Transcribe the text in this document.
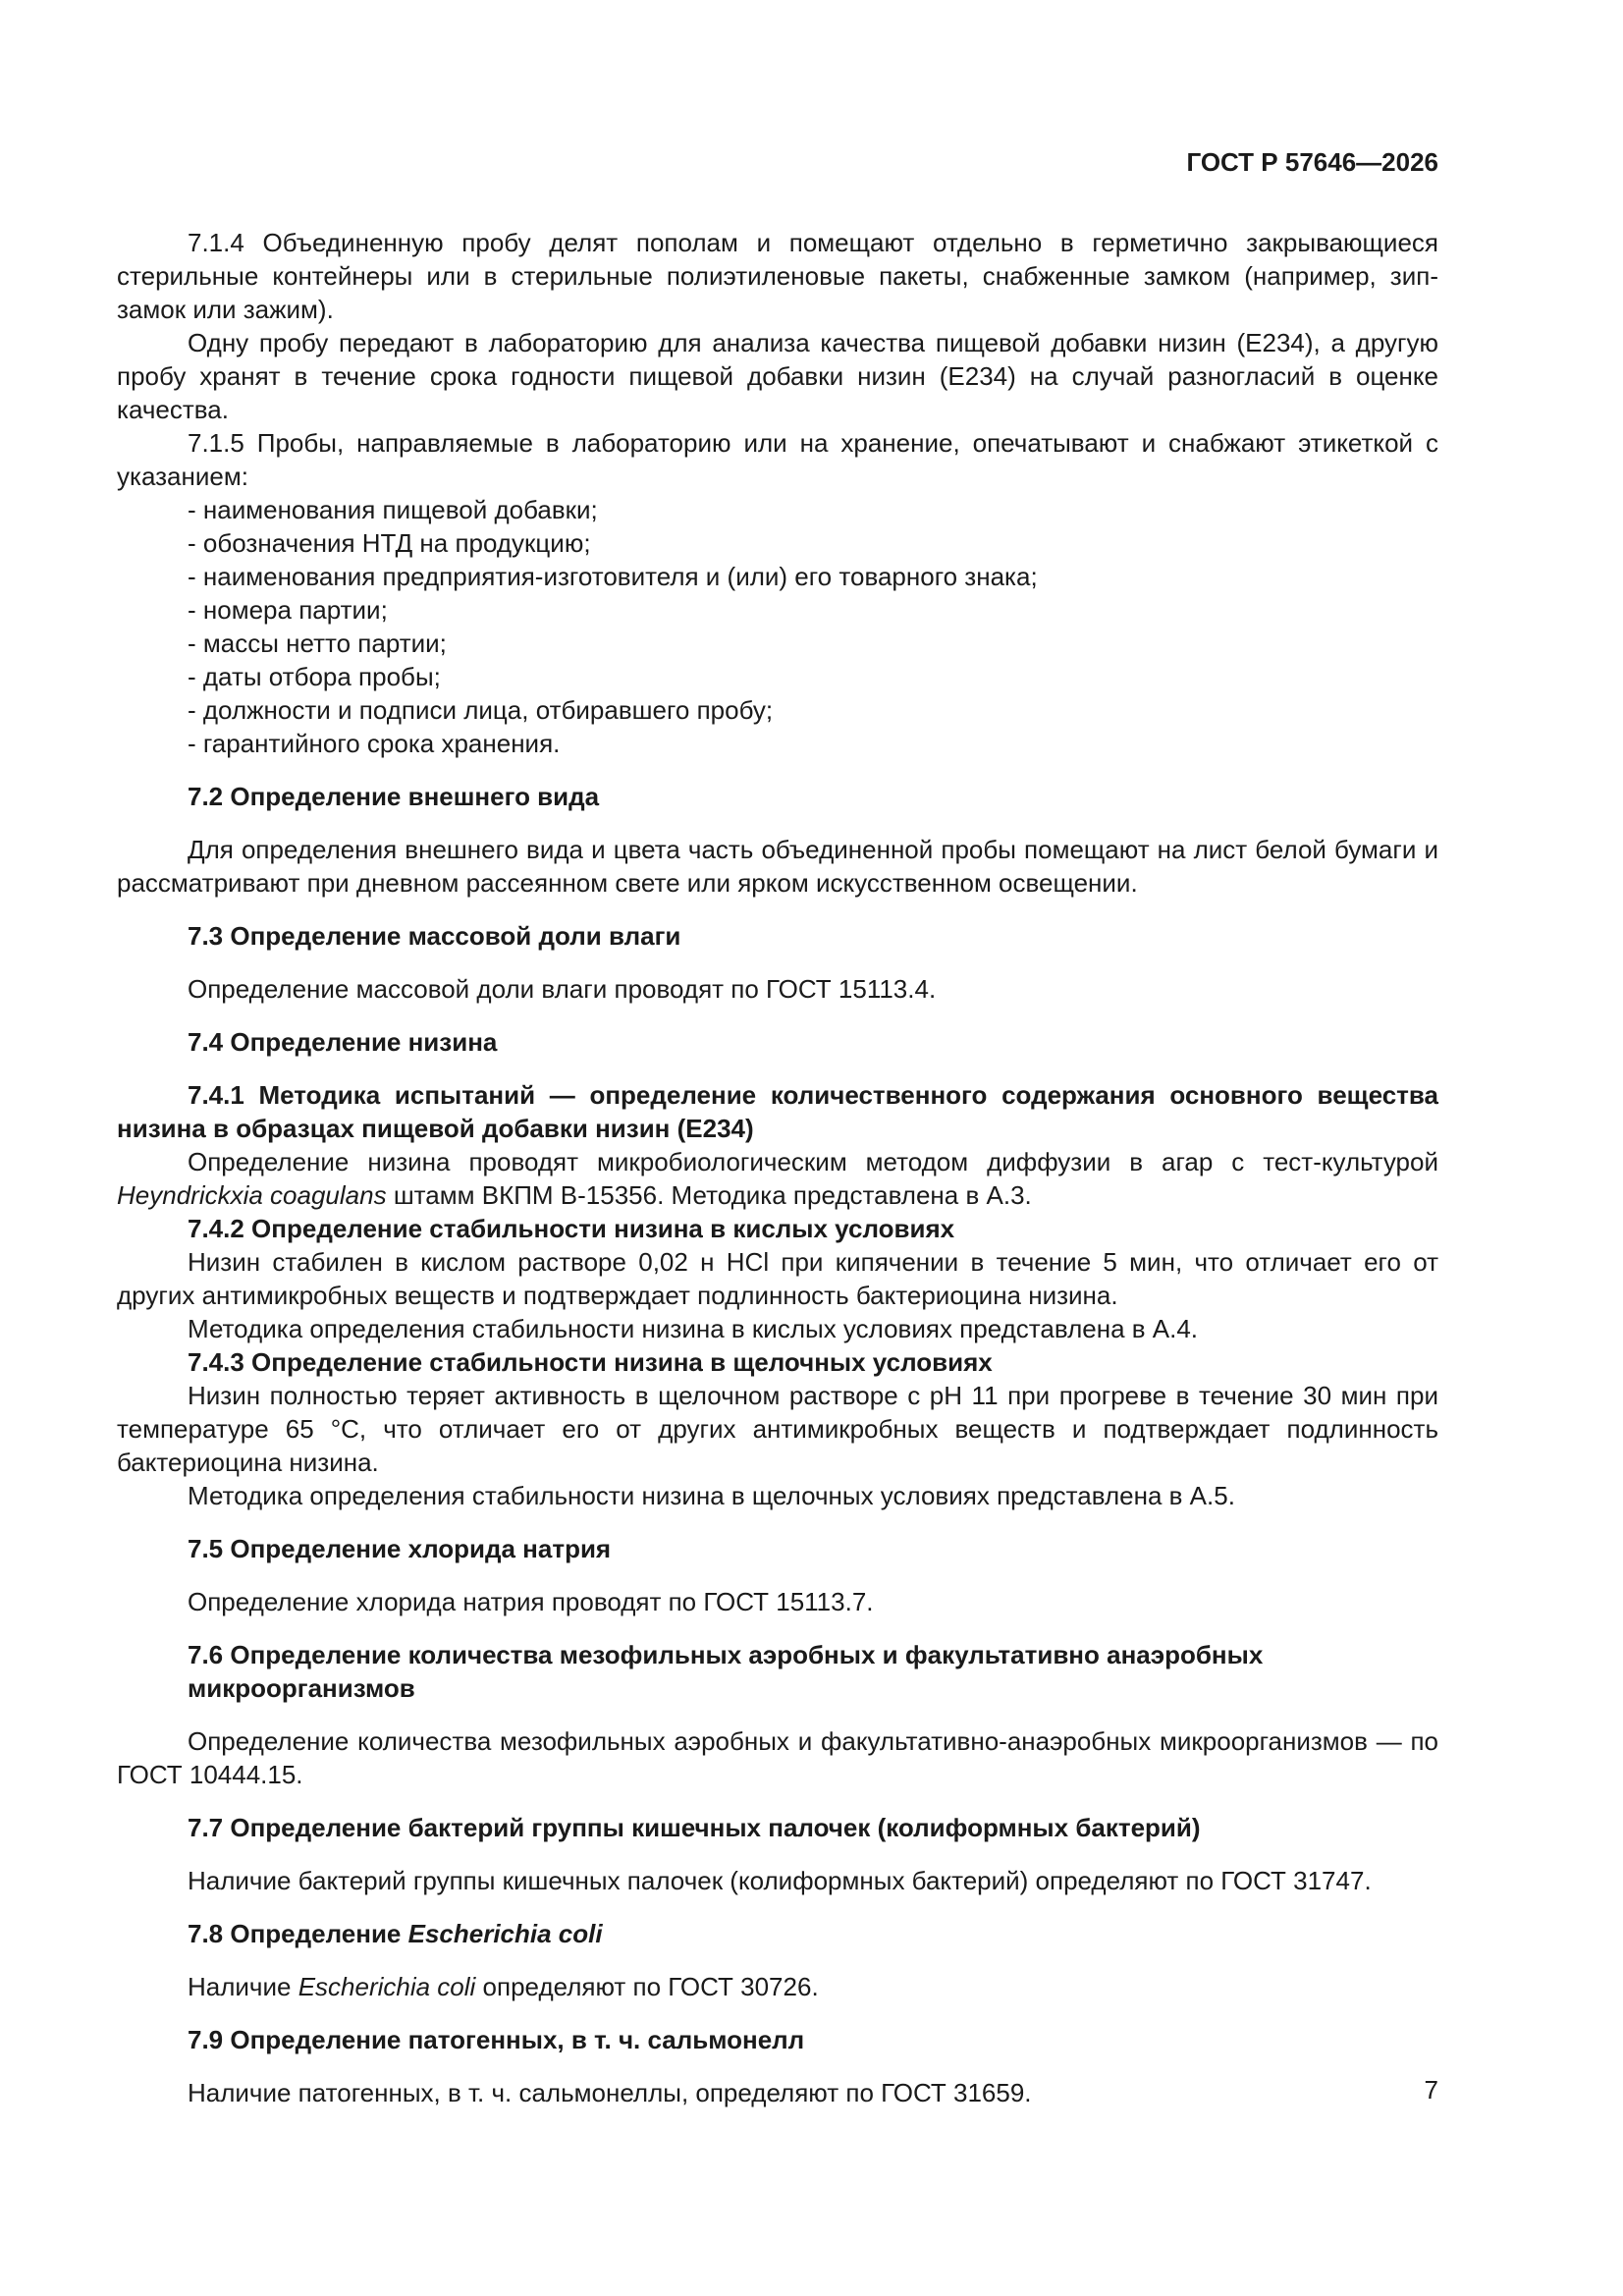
ГОСТ Р 57646—2026

7.1.4 Объединенную пробу делят пополам и помещают отдельно в герметично закрывающиеся стерильные контейнеры или в стерильные полиэтиленовые пакеты, снабженные замком (например, зип-замок или зажим).

Одну пробу передают в лабораторию для анализа качества пищевой добавки низин (Е234), а другую пробу хранят в течение срока годности пищевой добавки низин (Е234) на случай разногласий в оценке качества.

7.1.5 Пробы, направляемые в лабораторию или на хранение, опечатывают и снабжают этикеткой с указанием:

- наименования пищевой добавки;
- обозначения НТД на продукцию;
- наименования предприятия-изготовителя и (или) его товарного знака;
- номера партии;
- массы нетто партии;
- даты отбора пробы;
- должности и подписи лица, отбиравшего пробу;
- гарантийного срока хранения.
7.2 Определение внешнего вида

Для определения внешнего вида и цвета часть объединенной пробы помещают на лист белой бумаги и рассматривают при дневном рассеянном свете или ярком искусственном освещении.

7.3 Определение массовой доли влаги

Определение массовой доли влаги проводят по ГОСТ 15113.4.

7.4 Определение низина

7.4.1 Методика испытаний — определение количественного содержания основного вещества низина в образцах пищевой добавки низин (Е234)

Определение низина проводят микробиологическим методом диффузии в агар с тест-культурой Heyndrickxia coagulans штамм ВКПМ В-15356. Методика представлена в А.3.

7.4.2 Определение стабильности низина в кислых условиях

Низин стабилен в кислом растворе 0,02 н HCl при кипячении в течение 5 мин, что отличает его от других антимикробных веществ и подтверждает подлинность бактериоцина низина.

Методика определения стабильности низина в кислых условиях представлена в А.4.

7.4.3 Определение стабильности низина в щелочных условиях

Низин полностью теряет активность в щелочном растворе с pH 11 при прогреве в течение 30 мин при температуре 65 °С, что отличает его от других антимикробных веществ и подтверждает подлинность бактериоцина низина.

Методика определения стабильности низина в щелочных условиях представлена в А.5.

7.5 Определение хлорида натрия

Определение хлорида натрия проводят по ГОСТ 15113.7.

7.6 Определение количества мезофильных аэробных и факультативно анаэробных микроорганизмов

Определение количества мезофильных аэробных и факультативно-анаэробных микроорганизмов — по ГОСТ 10444.15.

7.7 Определение бактерий группы кишечных палочек (колиформных бактерий)

Наличие бактерий группы кишечных палочек (колиформных бактерий) определяют по ГОСТ 31747.

7.8 Определение Escherichia coli

Наличие Escherichia coli определяют по ГОСТ 30726.

7.9 Определение патогенных, в т. ч. сальмонелл

Наличие патогенных, в т. ч. сальмонеллы, определяют по ГОСТ 31659.	7
